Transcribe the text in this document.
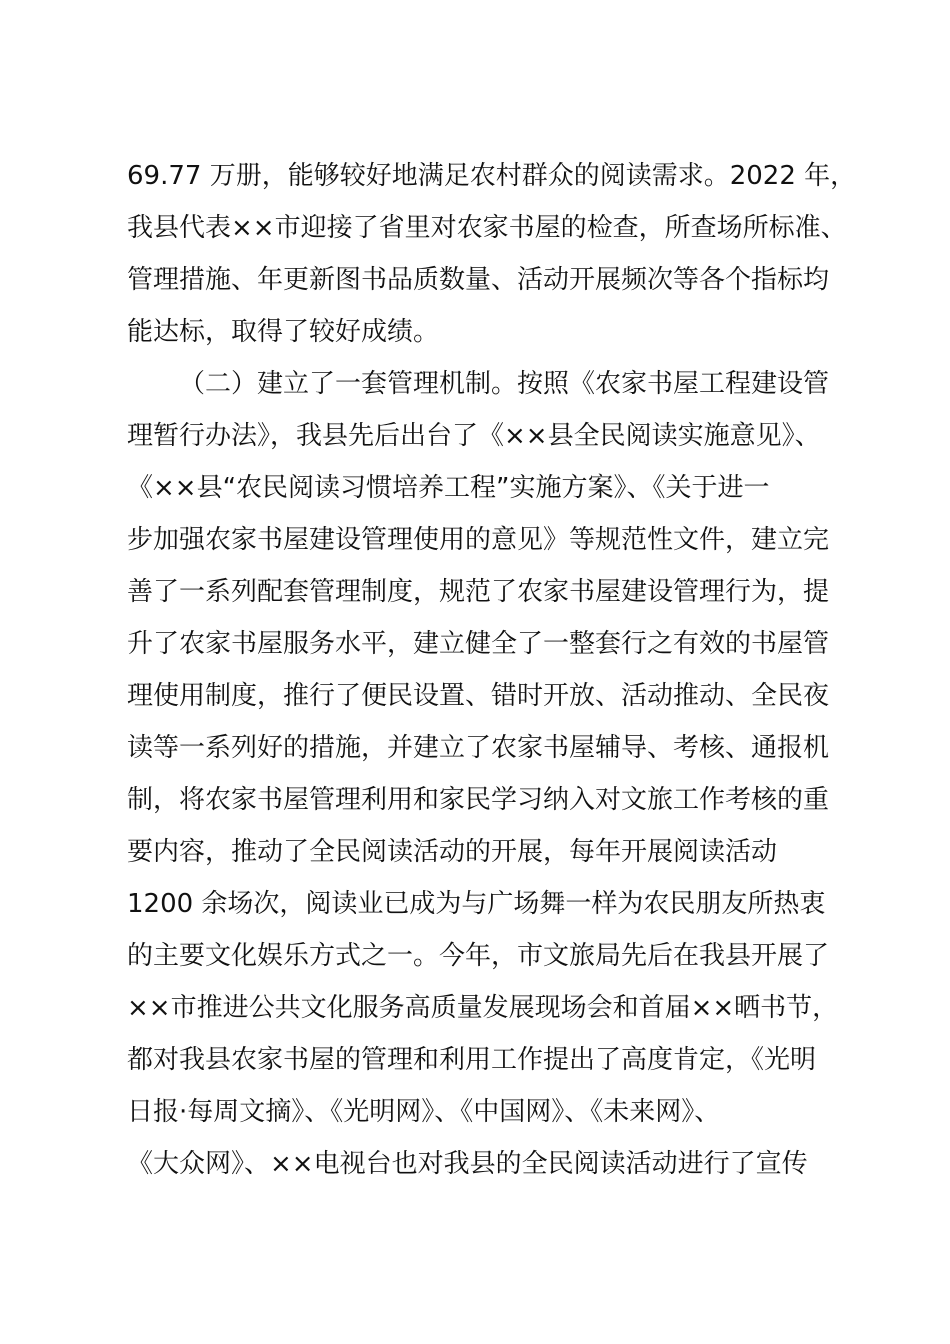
69.77 万册，能够较好地满足农村群众的阅读需求。2022 年，
我县代表××市迎接了省里对农家书屋的检查，所查场所标准、
管理措施、年更新图书品质数量、活动开展频次等各个指标均
能达标，取得了较好成绩。
（二）建立了一套管理机制。按照《农家书屋工程建设管
理暂行办法》，我县先后出台了《××县全民阅读实施意见》、
《××县“农民阅读习惯培养工程”实施方案》、《关于进一
步加强农家书屋建设管理使用的意见》等规范性文件，建立完
善了一系列配套管理制度，规范了农家书屋建设管理行为，提
升了农家书屋服务水平，建立健全了一整套行之有效的书屋管
理使用制度，推行了便民设置、错时开放、活动推动、全民夜
读等一系列好的措施，并建立了农家书屋辅导、考核、通报机
制，将农家书屋管理利用和家民学习纳入对文旅工作考核的重
要内容，推动了全民阅读活动的开展，每年开展阅读活动
1200 余场次，阅读业已成为与广场舞一样为农民朋友所热衷
的主要文化娱乐方式之一。今年，市文旅局先后在我县开展了
××市推进公共文化服务高质量发展现场会和首届××晒书节，
都对我县农家书屋的管理和利用工作提出了高度肯定，《光明
日报·每周文摘》、《光明网》、《中国网》、《未来网》、
《大众网》、××电视台也对我县的全民阅读活动进行了宣传
